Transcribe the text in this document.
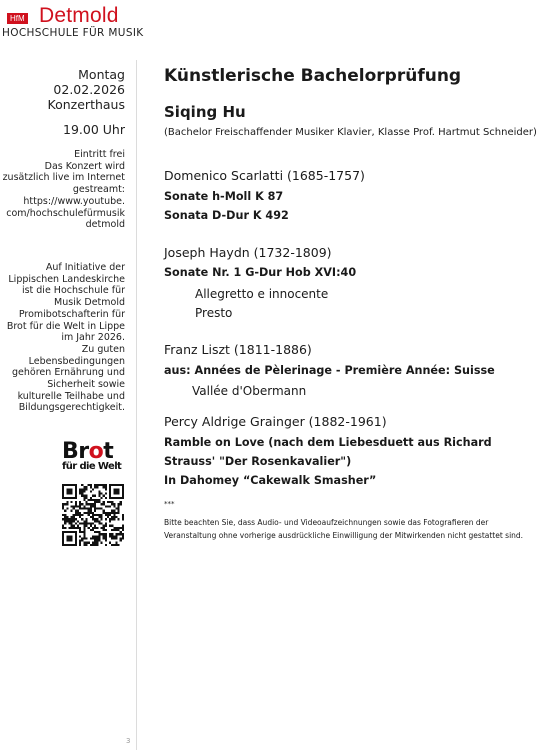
HfM Detmold
HOCHSCHULE FÜR MUSIK
Montag
02.02.2026
Konzerthaus
19.00 Uhr
Eintritt frei
Das Konzert wird
zusätzlich live im Internet
gestreamt:
https://www.youtube.
com/hochschulefürmusik
detmold
Auf Initiative der
Lippischen Landeskirche
ist die Hochschule für
Musik Detmold
Promibotschafterin für
Brot für die Welt in Lippe
im Jahr 2026.
Zu guten
Lebensbedingungen
gehören Ernährung und
Sicherheit sowie
kulturelle Teilhabe und
Bildungsgerechtigkeit.
Brot
für die Welt
3
Künstlerische Bachelorprüfung
Siqing Hu
(Bachelor Freischaffender Musiker Klavier, Klasse Prof. Hartmut Schneider)
Domenico Scarlatti (1685-1757)
Sonate h-Moll K 87
Sonata D-Dur K 492
Joseph Haydn (1732-1809)
Sonate Nr. 1 G-Dur Hob XVI:40
Allegretto e innocente
Presto
Franz Liszt (1811-1886)
aus: Années de Pèlerinage - Première Année: Suisse
Vallée d'Obermann
Percy Aldrige Grainger (1882-1961)
Ramble on Love (nach dem Liebesduett aus Richard
Strauss' "Der Rosenkavalier")
In Dahomey “Cakewalk Smasher”
***
Bitte beachten Sie, dass Audio- und Videoaufzeichnungen sowie das Fotografieren der Veranstaltung ohne vorherige ausdrückliche Einwilligung der Mitwirkenden nicht gestattet sind.
